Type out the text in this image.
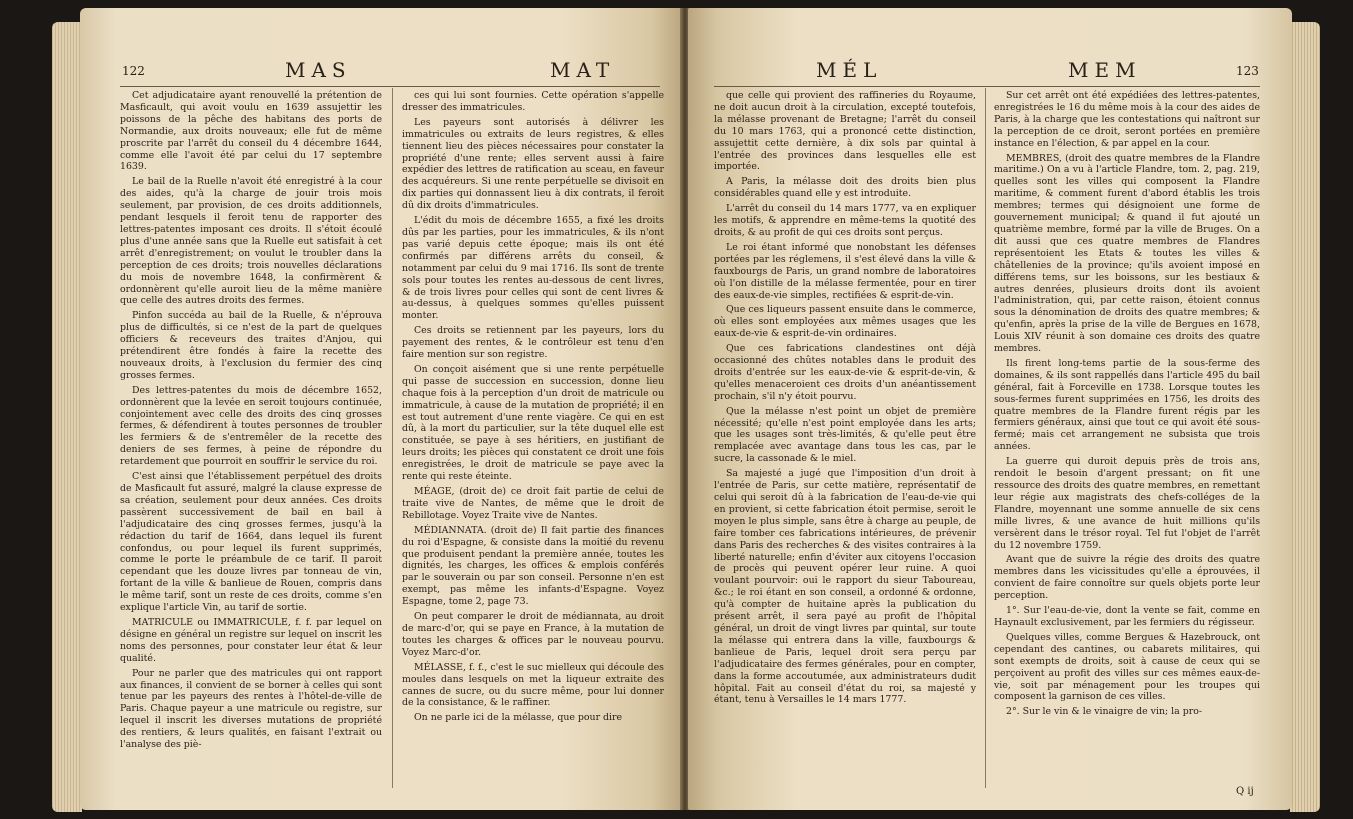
122	MAS	MAT

Cet adjudicataire ayant renouvellé la prétention de Masficault, qui avoit voulu en 1639 assujettir les poissons de la pêche des habitans des ports de Normandie, aux droits nouveaux; elle fut de même proscrite par l'arrêt du conseil du 4 décembre 1644, comme elle l'avoit été par celui du 17 septembre 1639.

Le bail de la Ruelle n'avoit été enregistré à la cour des aides, qu'à la charge de jouir trois mois seulement, par provision, de ces droits additionnels, pendant lesquels il feroit tenu de rapporter des lettres-patentes imposant ces droits. Il s'étoit écoulé plus d'une année sans que la Ruelle eut satisfait à cet arrêt d'enregistrement; on voulut le troubler dans la perception de ces droits; trois nouvelles déclarations du mois de novembre 1648, la confirmèrent & ordonnèrent qu'elle auroit lieu de la même manière que celle des autres droits des fermes.

Pinfon succéda au bail de la Ruelle, & n'éprouva plus de difficultés, si ce n'est de la part de quelques officiers & receveurs des traites d'Anjou, qui prétendirent être fondés à faire la recette des nouveaux droits, à l'exclusion du fermier des cinq grosses fermes.

Des lettres-patentes du mois de décembre 1652, ordonnèrent que la levée en seroit toujours continuée, conjointement avec celle des droits des cinq grosses fermes, & défendirent à toutes personnes de troubler les fermiers & de s'entremêler de la recette des deniers de ses fermes, à peine de répondre du retardement que pourroit en souffrir le service du roi.

C'est ainsi que l'établissement perpétuel des droits de Masficault fut assuré, malgré la clause expresse de sa création, seulement pour deux années. Ces droits passèrent successivement de bail en bail à l'adjudicataire des cinq grosses fermes, jusqu'à la rédaction du tarif de 1664, dans lequel ils furent confondus, ou pour lequel ils furent supprimés, comme le porte le préambule de ce tarif. Il paroit cependant que les douze livres par tonneau de vin, fortant de la ville & banlieue de Rouen, compris dans le même tarif, sont un reste de ces droits, comme s'en explique l'article Vin, au tarif de sortie.

MATRICULE ou IMMATRICULE, f. f. par lequel on désigne en général un registre sur lequel on inscrit les noms des personnes, pour constater leur état & leur qualité.

Pour ne parler que des matricules qui ont rapport aux finances, il convient de se borner à celles qui sont tenue par les payeurs des rentes à l'hôtel-de-ville de Paris. Chaque payeur a une matricule ou registre, sur lequel il inscrit les diverses mutations de propriété des rentiers, & leurs qualités, en faisant l'extrait ou l'analyse des piè-

ces qui lui sont fournies. Cette opération s'appelle dresser des immatricules.

Les payeurs sont autorisés à délivrer les immatricules ou extraits de leurs registres, & elles tiennent lieu des pièces nécessaires pour constater la propriété d'une rente; elles servent aussi à faire expédier des lettres de ratification au sceau, en faveur des acquéreurs. Si une rente perpétuelle se divisoit en dix parties qui donnassent lieu à dix contrats, il feroit dû dix droits d'immatricules.

L'édit du mois de décembre 1655, a fixé les droits dûs par les parties, pour les immatricules, & ils n'ont pas varié depuis cette époque; mais ils ont été confirmés par différens arrêts du conseil, & notamment par celui du 9 mai 1716. Ils sont de trente sols pour toutes les rentes au-dessous de cent livres, & de trois livres pour celles qui sont de cent livres & au-dessus, à quelques sommes qu'elles puissent monter.

Ces droits se retiennent par les payeurs, lors du payement des rentes, & le contrôleur est tenu d'en faire mention sur son registre.

On conçoit aisément que si une rente perpétuelle qui passe de succession en succession, donne lieu chaque fois à la perception d'un droit de matricule ou immatricule, à cause de la mutation de propriété; il en est tout autrement d'une rente viagère. Ce qui en est dû, à la mort du particulier, sur la tête duquel elle est constituée, se paye à ses héritiers, en justifiant de leurs droits; les pièces qui constatent ce droit une fois enregistrées, le droit de matricule se paye avec la rente qui reste éteinte.

MÉAGE, (droit de) ce droit fait partie de celui de traite vive de Nantes, de même que le droit de Rebillotage. Voyez Traite vive de Nantes.

MÉDIANNATA. (droit de) Il fait partie des finances du roi d'Espagne, & consiste dans la moitié du revenu que produisent pendant la première année, toutes les dignités, les charges, les offices & emplois conférés par le souverain ou par son conseil. Personne n'en est exempt, pas même les infants-d'Espagne. Voyez Espagne, tome 2, page 73.

On peut comparer le droit de médiannata, au droit de marc-d'or, qui se paye en France, à la mutation de toutes les charges & offices par le nouveau pourvu. Voyez Marc-d'or.

MÉLASSE, f. f., c'est le suc mielleux qui découle des moules dans lesquels on met la liqueur extraite des cannes de sucre, ou du sucre même, pour lui donner de la consistance, & le raffiner.

On ne parle ici de la mélasse, que pour dire

MÉL	MEM	123

que celle qui provient des raffineries du Royaume, ne doit aucun droit à la circulation, excepté toutefois, la mélasse provenant de Bretagne; l'arrêt du conseil du 10 mars 1763, qui a prononcé cette distinction, assujettit cette dernière, à dix sols par quintal à l'entrée des provinces dans lesquelles elle est importée.

A Paris, la mélasse doit des droits bien plus considérables quand elle y est introduite.

L'arrêt du conseil du 14 mars 1777, va en expliquer les motifs, & apprendre en même-tems la quotité des droits, & au profit de qui ces droits sont perçus.

Le roi étant informé que nonobstant les défenses portées par les réglemens, il s'est élevé dans la ville & fauxbourgs de Paris, un grand nombre de laboratoires où l'on distille de la mélasse fermentée, pour en tirer des eaux-de-vie simples, rectifiées & esprit-de-vin.

Que ces liqueurs passent ensuite dans le commerce, où elles sont employées aux mêmes usages que les eaux-de-vie & esprit-de-vin ordinaires.

Que ces fabrications clandestines ont déjà occasionné des chûtes notables dans le produit des droits d'entrée sur les eaux-de-vie & esprit-de-vin, & qu'elles menaceroient ces droits d'un anéantissement prochain, s'il n'y étoit pourvu.

Que la mélasse n'est point un objet de première nécessité; qu'elle n'est point employée dans les arts; que les usages sont très-limités, & qu'elle peut être remplacée avec avantage dans tous les cas, par le sucre, la cassonade & le miel.

Sa majesté a jugé que l'imposition d'un droit à l'entrée de Paris, sur cette matière, représentatif de celui qui seroit dû à la fabrication de l'eau-de-vie qui en provient, si cette fabrication étoit permise, seroit le moyen le plus simple, sans être à charge au peuple, de faire tomber ces fabrications intérieures, de prévenir dans Paris des recherches & des visites contraires à la liberté naturelle; enfin d'éviter aux citoyens l'occasion de procès qui peuvent opérer leur ruine. A quoi voulant pourvoir: oui le rapport du sieur Taboureau, &c.; le roi étant en son conseil, a ordonné & ordonne, qu'à compter de huitaine après la publication du présent arrêt, il sera payé au profit de l'hôpital général, un droit de vingt livres par quintal, sur toute la mélasse qui entrera dans la ville, fauxbourgs & banlieue de Paris, lequel droit sera perçu par l'adjudicataire des fermes générales, pour en compter, dans la forme accoutumée, aux administrateurs dudit hôpital. Fait au conseil d'état du roi, sa majesté y étant, tenu à Versailles le 14 mars 1777.

Sur cet arrêt ont été expédiées des lettres-patentes, enregistrées le 16 du même mois à la cour des aides de Paris, à la charge que les contestations qui naîtront sur la perception de ce droit, seront portées en première instance en l'élection, & par appel en la cour.

MEMBRES, (droit des quatre membres de la Flandre maritime.) On a vu à l'article Flandre, tom. 2, pag. 219, quelles sont les villes qui composent la Flandre maritime, & comment furent d'abord établis les trois membres; termes qui désignoient une forme de gouvernement municipal; & quand il fut ajouté un quatrième membre, formé par la ville de Bruges. On a dit aussi que ces quatre membres de Flandres représentoient les Etats & toutes les villes & châtellenies de la province; qu'ils avoient imposé en différens tems, sur les boissons, sur les bestiaux & autres denrées, plusieurs droits dont ils avoient l'administration, qui, par cette raison, étoient connus sous la dénomination de droits des quatre membres; & qu'enfin, après la prise de la ville de Bergues en 1678, Louis XIV réunit à son domaine ces droits des quatre membres.

Ils firent long-tems partie de la sous-ferme des domaines, & ils sont rappellés dans l'article 495 du bail général, fait à Forceville en 1738. Lorsque toutes les sous-fermes furent supprimées en 1756, les droits des quatre membres de la Flandre furent régis par les fermiers généraux, ainsi que tout ce qui avoit été sous-fermé; mais cet arrangement ne subsista que trois années.

La guerre qui duroit depuis près de trois ans, rendoit le besoin d'argent pressant; on fit une ressource des droits des quatre membres, en remettant leur régie aux magistrats des chefs-colléges de la Flandre, moyennant une somme annuelle de six cens mille livres, & une avance de huit millions qu'ils versèrent dans le trésor royal. Tel fut l'objet de l'arrêt du 12 novembre 1759.

Avant que de suivre la régie des droits des quatre membres dans les vicissitudes qu'elle a éprouvées, il convient de faire connoître sur quels objets porte leur perception.

1°. Sur l'eau-de-vie, dont la vente se fait, comme en Haynault exclusivement, par les fermiers du régisseur.

Quelques villes, comme Bergues & Hazebrouck, ont cependant des cantines, ou cabarets militaires, qui sont exempts de droits, soit à cause de ceux qui se perçoivent au profit des villes sur ces mêmes eaux-de-vie, soit par ménagement pour les troupes qui composent la garnison de ces villes.

2°. Sur le vin & le vinaigre de vin; la pro-

Q ij
